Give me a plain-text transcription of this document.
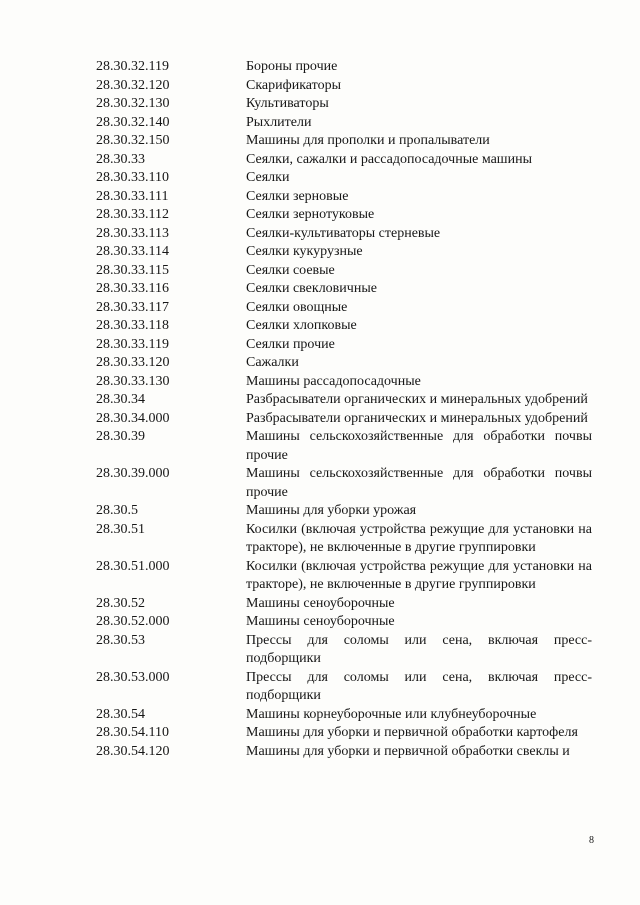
28.30.32.119	Бороны прочие
28.30.32.120	Скарификаторы
28.30.32.130	Культиваторы
28.30.32.140	Рыхлители
28.30.32.150	Машины для прополки и пропалыватели
28.30.33	Сеялки, сажалки и рассадопосадочные машины
28.30.33.110	Сеялки
28.30.33.111	Сеялки зерновые
28.30.33.112	Сеялки зернотуковые
28.30.33.113	Сеялки-культиваторы стерневые
28.30.33.114	Сеялки кукурузные
28.30.33.115	Сеялки соевые
28.30.33.116	Сеялки свекловичные
28.30.33.117	Сеялки овощные
28.30.33.118	Сеялки хлопковые
28.30.33.119	Сеялки прочие
28.30.33.120	Сажалки
28.30.33.130	Машины рассадопосадочные
28.30.34	Разбрасыватели органических и минеральных удобрений
28.30.34.000	Разбрасыватели органических и минеральных удобрений
28.30.39	Машины сельскохозяйственные для обработки почвы прочие
28.30.39.000	Машины сельскохозяйственные для обработки почвы прочие
28.30.5	Машины для уборки урожая
28.30.51	Косилки (включая устройства режущие для установки на тракторе), не включенные в другие группировки
28.30.51.000	Косилки (включая устройства режущие для установки на тракторе), не включенные в другие группировки
28.30.52	Машины сеноуборочные
28.30.52.000	Машины сеноуборочные
28.30.53	Прессы для соломы или сена, включая пресс-подборщики
28.30.53.000	Прессы для соломы или сена, включая пресс-подборщики
28.30.54	Машины корнеуборочные или клубнеуборочные
28.30.54.110	Машины для уборки и первичной обработки картофеля
28.30.54.120	Машины для уборки и первичной обработки свеклы и
8
